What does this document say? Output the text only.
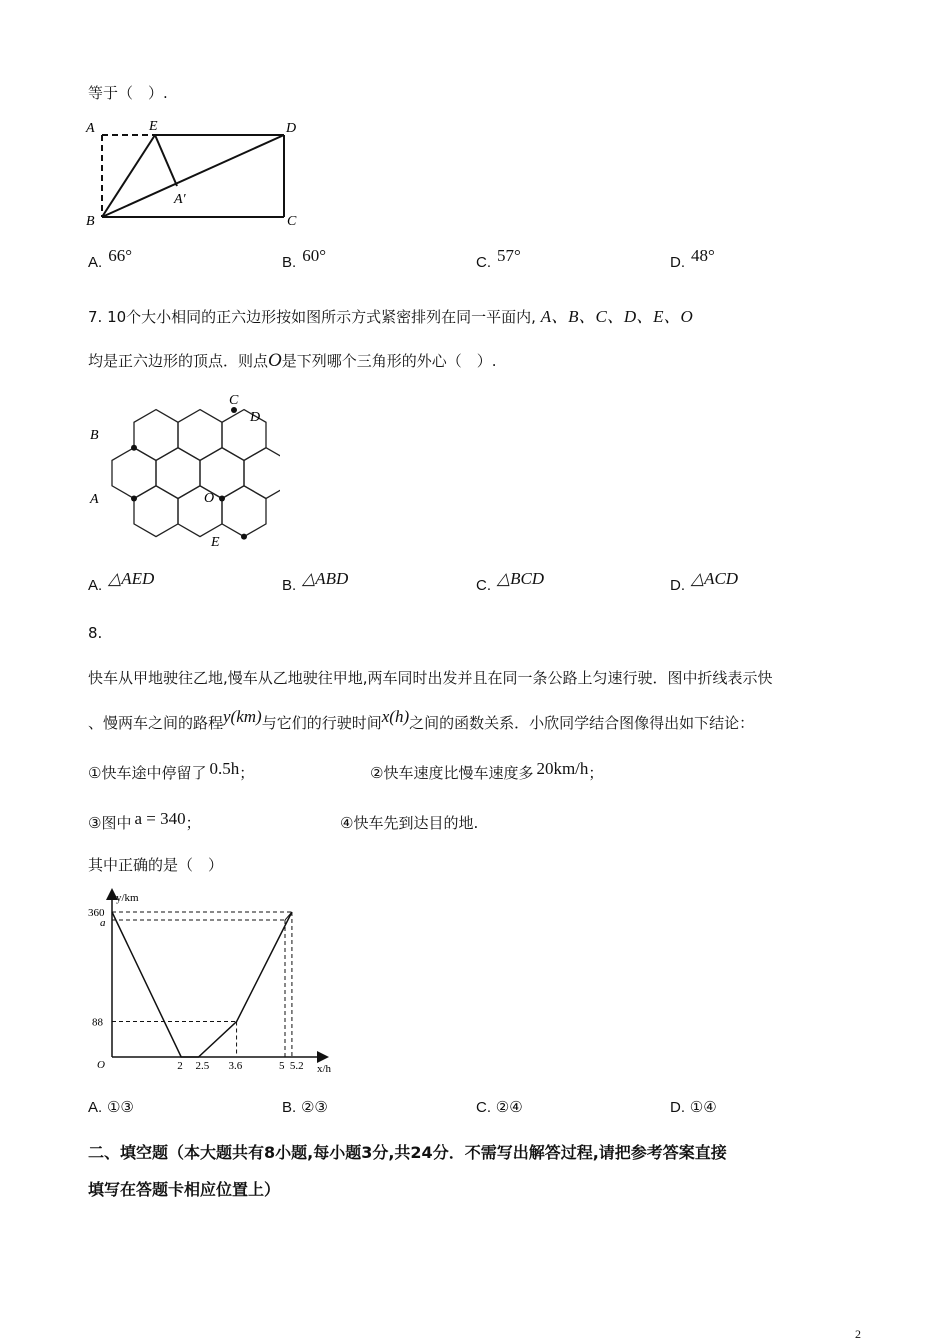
等于（　）.
A	E	D
A′
B	C
A. 66°	B. 60°	C. 57°	D. 48°
7. 10个大小相同的正六边形按如图所示方式紧密排列在同一平面内, A、B、C、D、E、O
均是正六边形的顶点．则点O是下列哪个三角形的外心（　）.
C
D
B
A	O
E
A. △AED	B. △ABD	C. △BCD	D. △ACD
8.
快车从甲地驶往乙地,慢车从乙地驶往甲地,两车同时出发并且在同一条公路上匀速行驶．图中折线表示快
、慢两车之间的路程y(km)与它们的行驶时间x(h)之间的函数关系．小欣同学结合图像得出如下结论：
①快车途中停留了 0.5h；	②快车速度比慢车速度多 20km/h；
③图中 a = 340；	④快车先到达目的地.
其中正确的是（　）
360
a
88
2 2.5 3.6	5 5.2
y/km
x/h
O
A. ①③	B. ②③	C. ②④	D. ①④
二、填空题（本大题共有8小题,每小题3分,共24分．不需写出解答过程,请把参考答案直接
填写在答题卡相应位置上）
2
